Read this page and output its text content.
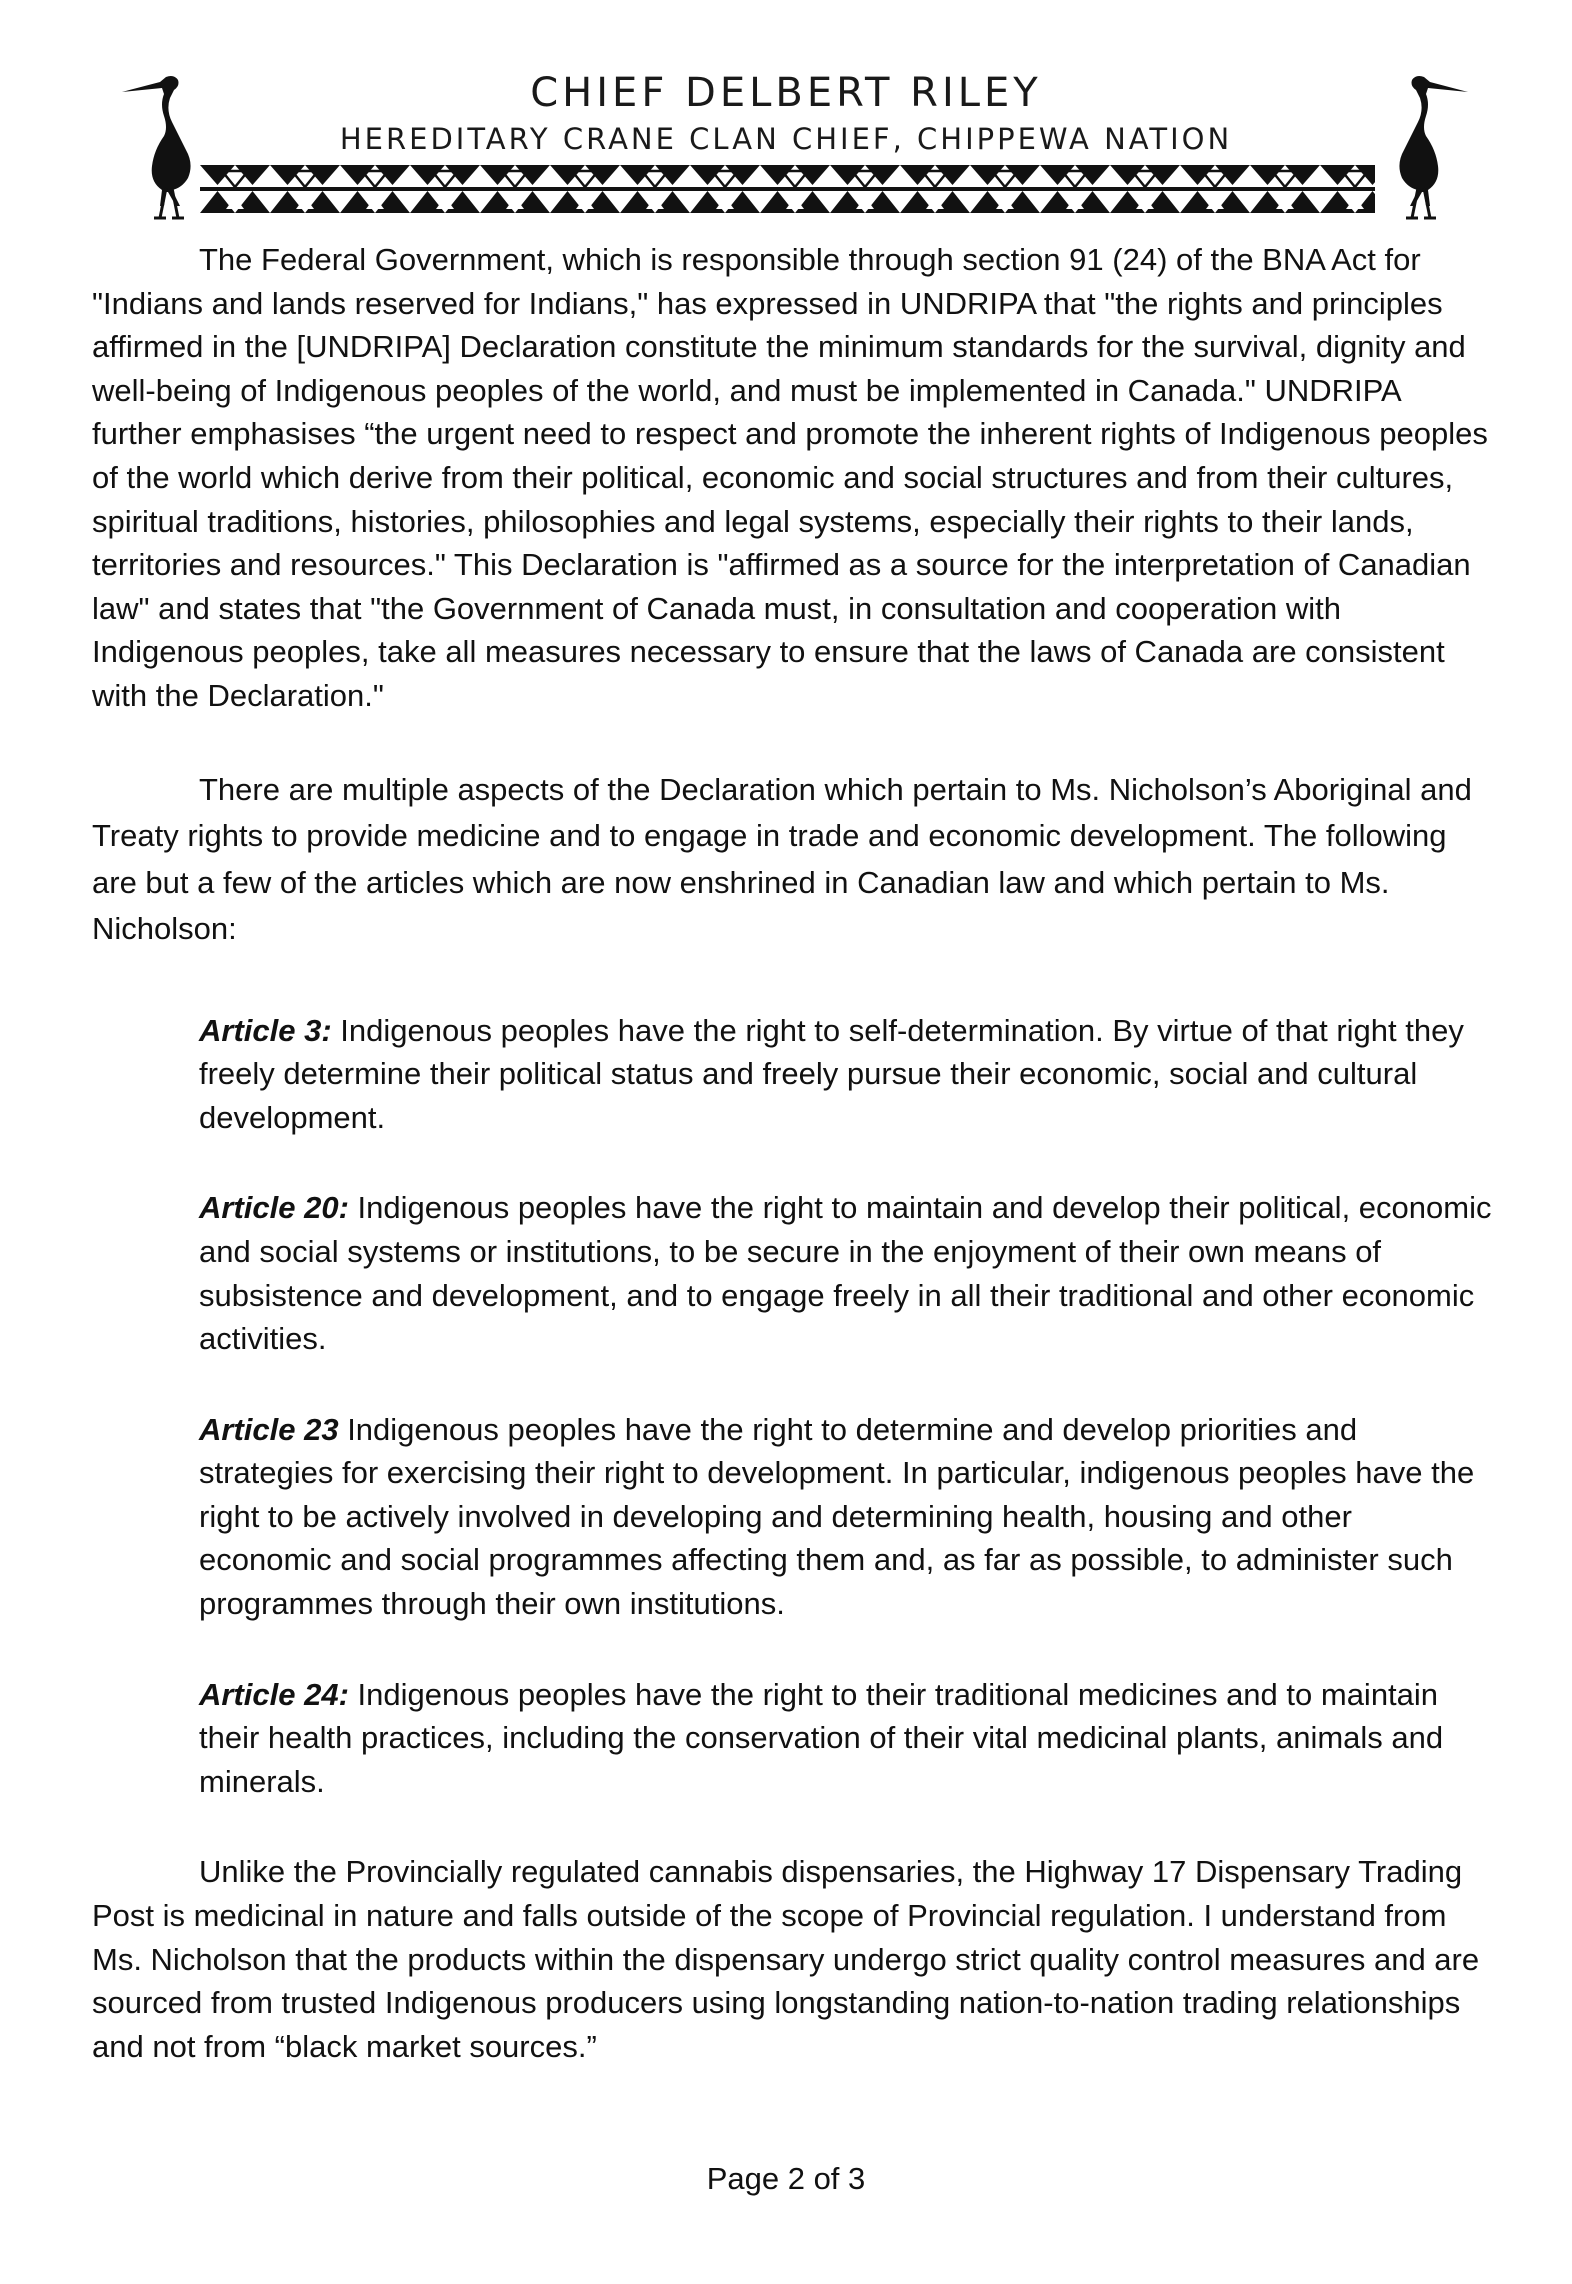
CHIEF DELBERT RILEY
HEREDITARY CRANE CLAN CHIEF, CHIPPEWA NATION

The Federal Government, which is responsible through section 91 (24) of the BNA Act for "Indians and lands reserved for Indians," has expressed in UNDRIPA that "the rights and principles affirmed in the [UNDRIPA] Declaration constitute the minimum standards for the survival, dignity and well-being of Indigenous peoples of the world, and must be implemented in Canada." UNDRIPA further emphasises “the urgent need to respect and promote the inherent rights of Indigenous peoples of the world which derive from their political, economic and social structures and from their cultures, spiritual traditions, histories, philosophies and legal systems, especially their rights to their lands, territories and resources." This Declaration is "affirmed as a source for the interpretation of Canadian law" and states that "the Government of Canada must, in consultation and cooperation with Indigenous peoples, take all measures necessary to ensure that the laws of Canada are consistent with the Declaration."

There are multiple aspects of the Declaration which pertain to Ms. Nicholson’s Aboriginal and Treaty rights to provide medicine and to engage in trade and economic development. The following are but a few of the articles which are now enshrined in Canadian law and which pertain to Ms. Nicholson:

Article 3: Indigenous peoples have the right to self-determination. By virtue of that right they freely determine their political status and freely pursue their economic, social and cultural development.

Article 20: Indigenous peoples have the right to maintain and develop their political, economic and social systems or institutions, to be secure in the enjoyment of their own means of subsistence and development, and to engage freely in all their traditional and other economic activities.

Article 23 Indigenous peoples have the right to determine and develop priorities and strategies for exercising their right to development. In particular, indigenous peoples have the right to be actively involved in developing and determining health, housing and other economic and social programmes affecting them and, as far as possible, to administer such programmes through their own institutions.

Article 24: Indigenous peoples have the right to their traditional medicines and to maintain their health practices, including the conservation of their vital medicinal plants, animals and minerals.

Unlike the Provincially regulated cannabis dispensaries, the Highway 17 Dispensary Trading Post is medicinal in nature and falls outside of the scope of Provincial regulation. I understand from Ms. Nicholson that the products within the dispensary undergo strict quality control measures and are sourced from trusted Indigenous producers using longstanding nation-to-nation trading relationships and not from “black market sources.”

Page 2 of 3
